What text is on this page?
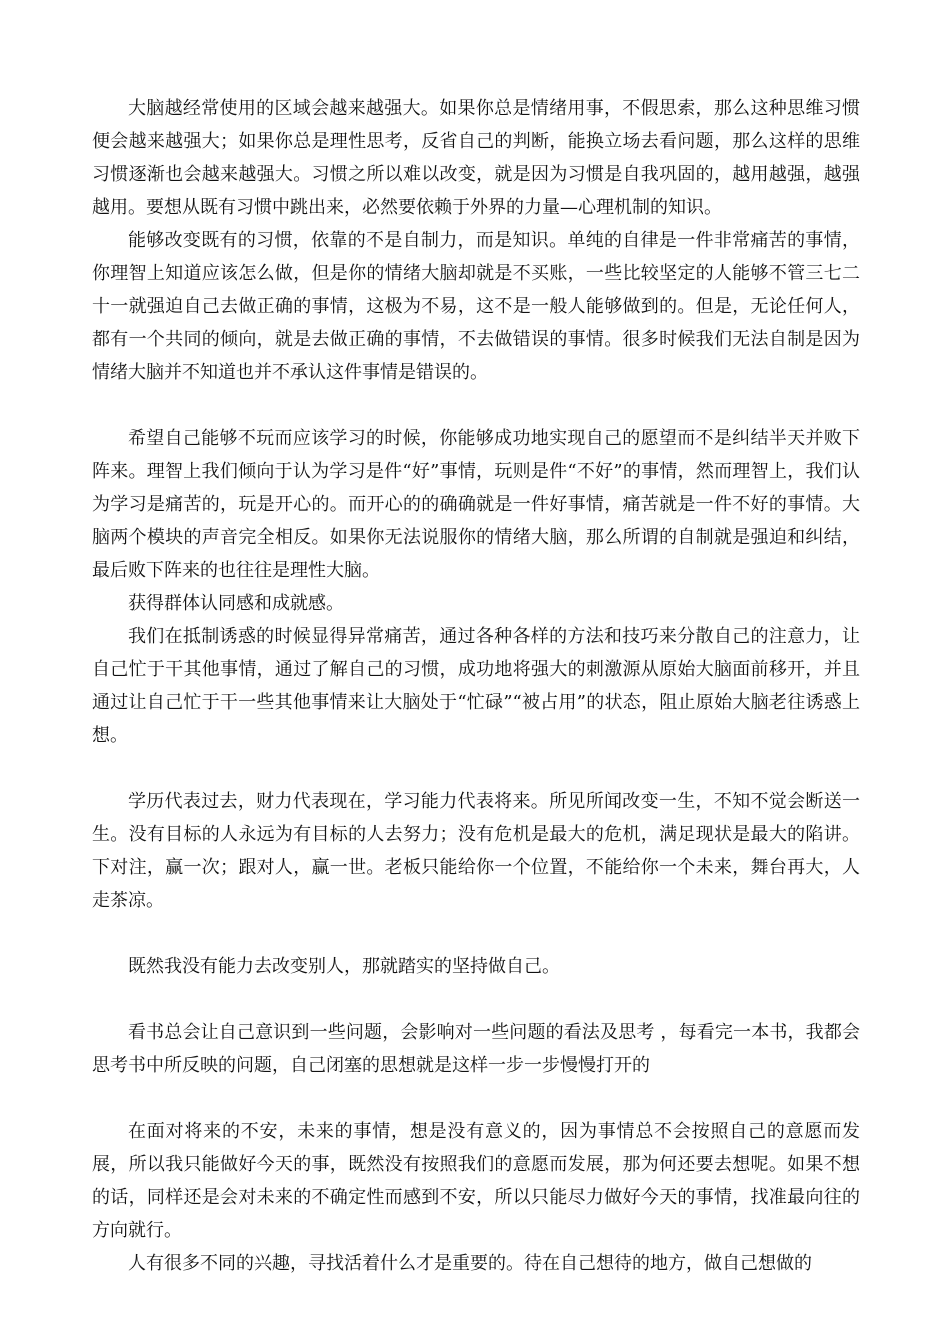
大脑越经常使用的区域会越来越强大。如果你总是情绪用事，不假思索，那么这种思维习惯便会越来越强大；如果你总是理性思考，反省自己的判断，能换立场去看问题，那么这样的思维习惯逐渐也会越来越强大。习惯之所以难以改变，就是因为习惯是自我巩固的，越用越强，越强越用。要想从既有习惯中跳出来，必然要依赖于外界的力量—心理机制的知识。

能够改变既有的习惯，依靠的不是自制力，而是知识。单纯的自律是一件非常痛苦的事情，你理智上知道应该怎么做，但是你的情绪大脑却就是不买账，一些比较坚定的人能够不管三七二十一就强迫自己去做正确的事情，这极为不易，这不是一般人能够做到的。但是，无论任何人，都有一个共同的倾向，就是去做正确的事情，不去做错误的事情。很多时候我们无法自制是因为情绪大脑并不知道也并不承认这件事情是错误的。

希望自己能够不玩而应该学习的时候，你能够成功地实现自己的愿望而不是纠结半天并败下阵来。理智上我们倾向于认为学习是件“好”事情，玩则是件“不好”的事情，然而理智上，我们认为学习是痛苦的，玩是开心的。而开心的的确确就是一件好事情，痛苦就是一件不好的事情。大脑两个模块的声音完全相反。如果你无法说服你的情绪大脑，那么所谓的自制就是强迫和纠结，最后败下阵来的也往往是理性大脑。

获得群体认同感和成就感。

我们在抵制诱惑的时候显得异常痛苦，通过各种各样的方法和技巧来分散自己的注意力，让自己忙于干其他事情，通过了解自己的习惯，成功地将强大的刺激源从原始大脑面前移开，并且通过让自己忙于干一些其他事情来让大脑处于“忙碌”“被占用”的状态，阻止原始大脑老往诱惑上想。

学历代表过去，财力代表现在，学习能力代表将来。所见所闻改变一生，不知不觉会断送一生。没有目标的人永远为有目标的人去努力；没有危机是最大的危机，满足现状是最大的陷讲。下对注，赢一次；跟对人，赢一世。老板只能给你一个位置，不能给你一个未来，舞台再大，人走茶凉。

既然我没有能力去改变别人，那就踏实的坚持做自己。

看书总会让自己意识到一些问题，会影响对一些问题的看法及思考 ，每看完一本书，我都会思考书中所反映的问题，自己闭塞的思想就是这样一步一步慢慢打开的

在面对将来的不安，未来的事情，想是没有意义的，因为事情总不会按照自己的意愿而发展，所以我只能做好今天的事，既然没有按照我们的意愿而发展，那为何还要去想呢。如果不想的话，同样还是会对未来的不确定性而感到不安，所以只能尽力做好今天的事情，找准最向往的方向就行。

人有很多不同的兴趣，寻找活着什么才是重要的。待在自己想待的地方，做自己想做的
